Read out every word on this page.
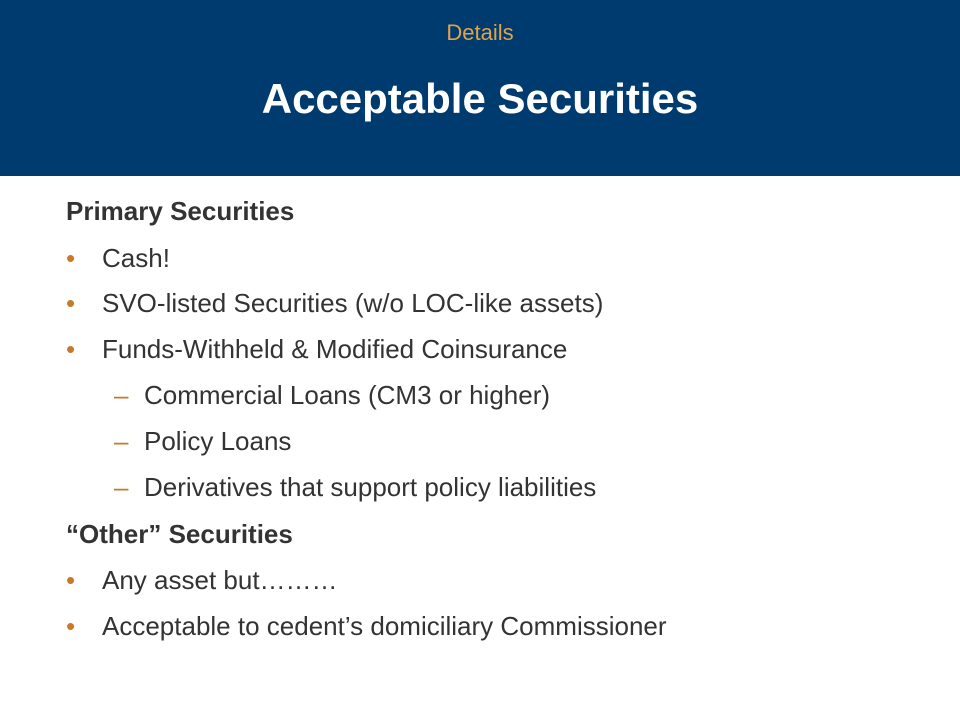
Details
Acceptable Securities
Primary Securities
• Cash!
• SVO-listed Securities (w/o LOC-like assets)
• Funds-Withheld & Modified Coinsurance
– Commercial Loans (CM3 or higher)
– Policy Loans
– Derivatives that support policy liabilities
“Other” Securities
• Any asset but………
• Acceptable to cedent’s domiciliary Commissioner
